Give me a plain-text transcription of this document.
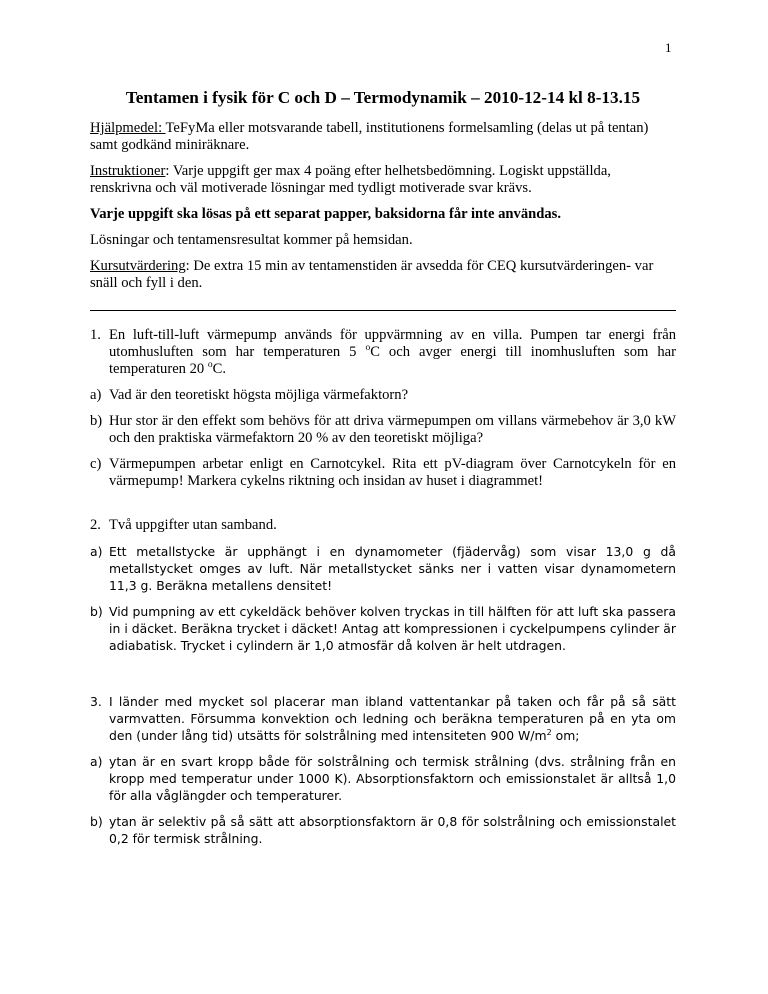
1
Tentamen i fysik för C och D – Termodynamik – 2010-12-14 kl 8-13.15

Hjälpmedel: TeFyMa eller motsvarande tabell, institutionens formelsamling (delas ut på tentan) samt godkänd miniräknare.

Instruktioner: Varje uppgift ger max 4 poäng efter helhetsbedömning. Logiskt uppställda, renskrivna och väl motiverade lösningar med tydligt motiverade svar krävs.

Varje uppgift ska lösas på ett separat papper, baksidorna får inte användas.

Lösningar och tentamensresultat kommer på hemsidan.

Kursutvärdering: De extra 15 min av tentamenstiden är avsedda för CEQ kursutvärderingen- var snäll och fyll i den.

1. En luft-till-luft värmepump används för uppvärmning av en villa. Pumpen tar energi från utomhusluften som har temperaturen 5 $^o$C och avger energi till inomhusluften som har temperaturen 20 $^o$C.
a) Vad är den teoretiskt högsta möjliga värmefaktorn?
b) Hur stor är den effekt som behövs för att driva värmepumpen om villans värmebehov är 3,0 kW och den praktiska värmefaktorn 20 % av den teoretiskt möjliga?
c) Värmepumpen arbetar enligt en Carnotcykel. Rita ett pV-diagram över Carnotcykeln för en värmepump! Markera cykelns riktning och insidan av huset i diagrammet!
2. Två uppgifter utan samband.
a) Ett metallstycke är upphängt i en dynamometer (fjädervåg) som visar 13,0 g då metallstycket omges av luft. När metallstycket sänks ner i vatten visar dynamometern 11,3 g. Beräkna metallens densitet!
b) Vid pumpning av ett cykeldäck behöver kolven tryckas in till hälften för att luft ska passera in i däcket. Beräkna trycket i däcket! Antag att kompressionen i cyckelpumpens cylinder är adiabatisk. Trycket i cylindern är 1,0 atmosfär då kolven är helt utdragen.
3. I länder med mycket sol placerar man ibland vattentankar på taken och får på så sätt varmvatten. Försumma konvektion och ledning och beräkna temperaturen på en yta om den (under lång tid) utsätts för solstrålning med intensiteten 900 $W/m^2$ om;
a) ytan är en svart kropp både för solstrålning och termisk strålning (dvs. strålning från en kropp med temperatur under 1000 K). Absorptionsfaktorn och emissionstalet är alltså 1,0 för alla våglängder och temperaturer.
b) ytan är selektiv på så sätt att absorptionsfaktorn är 0,8 för solstrålning och emissionstalet 0,2 för termisk strålning.
